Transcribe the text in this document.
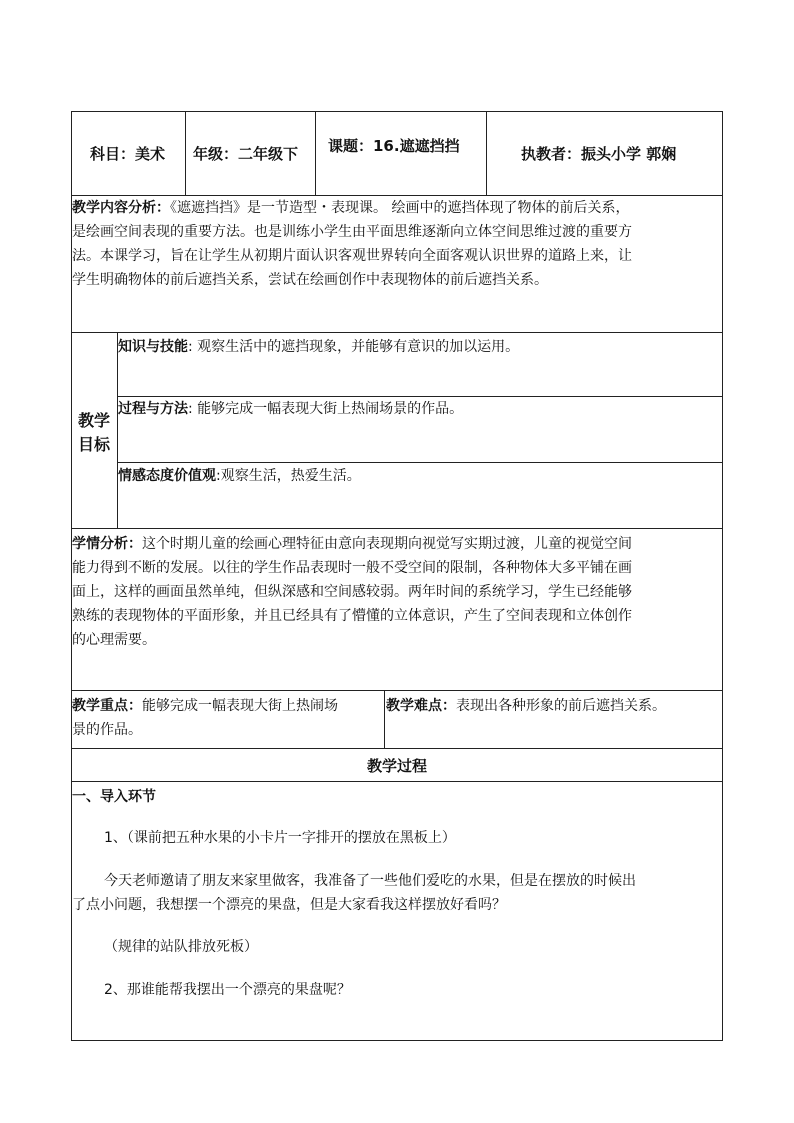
科目：美术 年级：二年级下 课题：16.遮遮挡挡	执教者：振头小学 郭娴
教学内容分析：《遮遮挡挡》是一节造型・表现课。 绘画中的遮挡体现了物体的前后关系，
是绘画空间表现的重要方法。也是训练小学生由平面思维逐渐向立体空间思维过渡的重要方
法。本课学习，旨在让学生从初期片面认识客观世界转向全面客观认识世界的道路上来，让
学生明确物体的前后遮挡关系，尝试在绘画创作中表现物体的前后遮挡关系。
教学
目标
知识与技能: 观察生活中的遮挡现象，并能够有意识的加以运用。
过程与方法: 能够完成一幅表现大街上热闹场景的作品。
情感态度价值观:观察生活，热爱生活。
学情分析：这个时期儿童的绘画心理特征由意向表现期向视觉写实期过渡，儿童的视觉空间
能力得到不断的发展。以往的学生作品表现时一般不受空间的限制，各种物体大多平铺在画
面上，这样的画面虽然单纯，但纵深感和空间感较弱。两年时间的系统学习，学生已经能够
熟练的表现物体的平面形象，并且已经具有了懵懂的立体意识，产生了空间表现和立体创作
的心理需要。
教学重点：能够完成一幅表现大街上热闹场
景的作品。
教学难点：表现出各种形象的前后遮挡关系。
教学过程
一、导入环节
1、（课前把五种水果的小卡片一字排开的摆放在黑板上）
今天老师邀请了朋友来家里做客，我准备了一些他们爱吃的水果，但是在摆放的时候出
了点小问题，我想摆一个漂亮的果盘，但是大家看我这样摆放好看吗？
（规律的站队排放死板）
2、那谁能帮我摆出一个漂亮的果盘呢？
